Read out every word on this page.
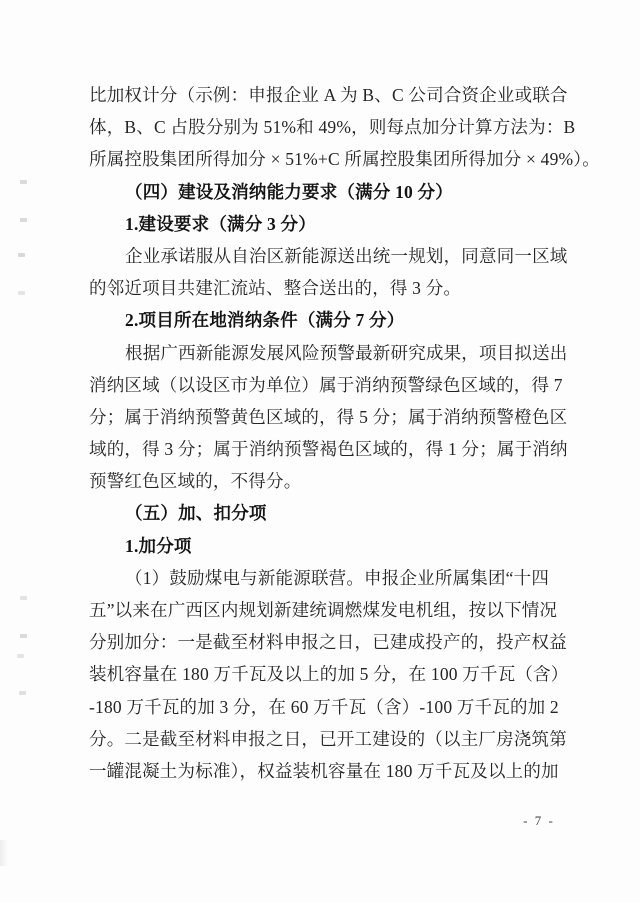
比加权计分（示例：申报企业 A 为 B、C 公司合资企业或联合
体，B、C 占股分别为 51%和 49%，则每点加分计算方法为：B
所属控股集团所得加分 × 51%+C 所属控股集团所得加分 × 49%）。
（四）建设及消纳能力要求（满分 10 分）
1.建设要求（满分 3 分）
企业承诺服从自治区新能源送出统一规划，同意同一区域
的邻近项目共建汇流站、整合送出的，得 3 分。
2.项目所在地消纳条件（满分 7 分）
根据广西新能源发展风险预警最新研究成果，项目拟送出
消纳区域（以设区市为单位）属于消纳预警绿色区域的，得 7
分；属于消纳预警黄色区域的，得 5 分；属于消纳预警橙色区
域的，得 3 分；属于消纳预警褐色区域的，得 1 分；属于消纳
预警红色区域的，不得分。
（五）加、扣分项
1.加分项
（1）鼓励煤电与新能源联营。申报企业所属集团“十四
五”以来在广西区内规划新建统调燃煤发电机组，按以下情况
分别加分：一是截至材料申报之日，已建成投产的，投产权益
装机容量在 180 万千瓦及以上的加 5 分，在 100 万千瓦（含）
-180 万千瓦的加 3 分，在 60 万千瓦（含）-100 万千瓦的加 2
分。二是截至材料申报之日，已开工建设的（以主厂房浇筑第
一罐混凝土为标准），权益装机容量在 180 万千瓦及以上的加
- 7 -
